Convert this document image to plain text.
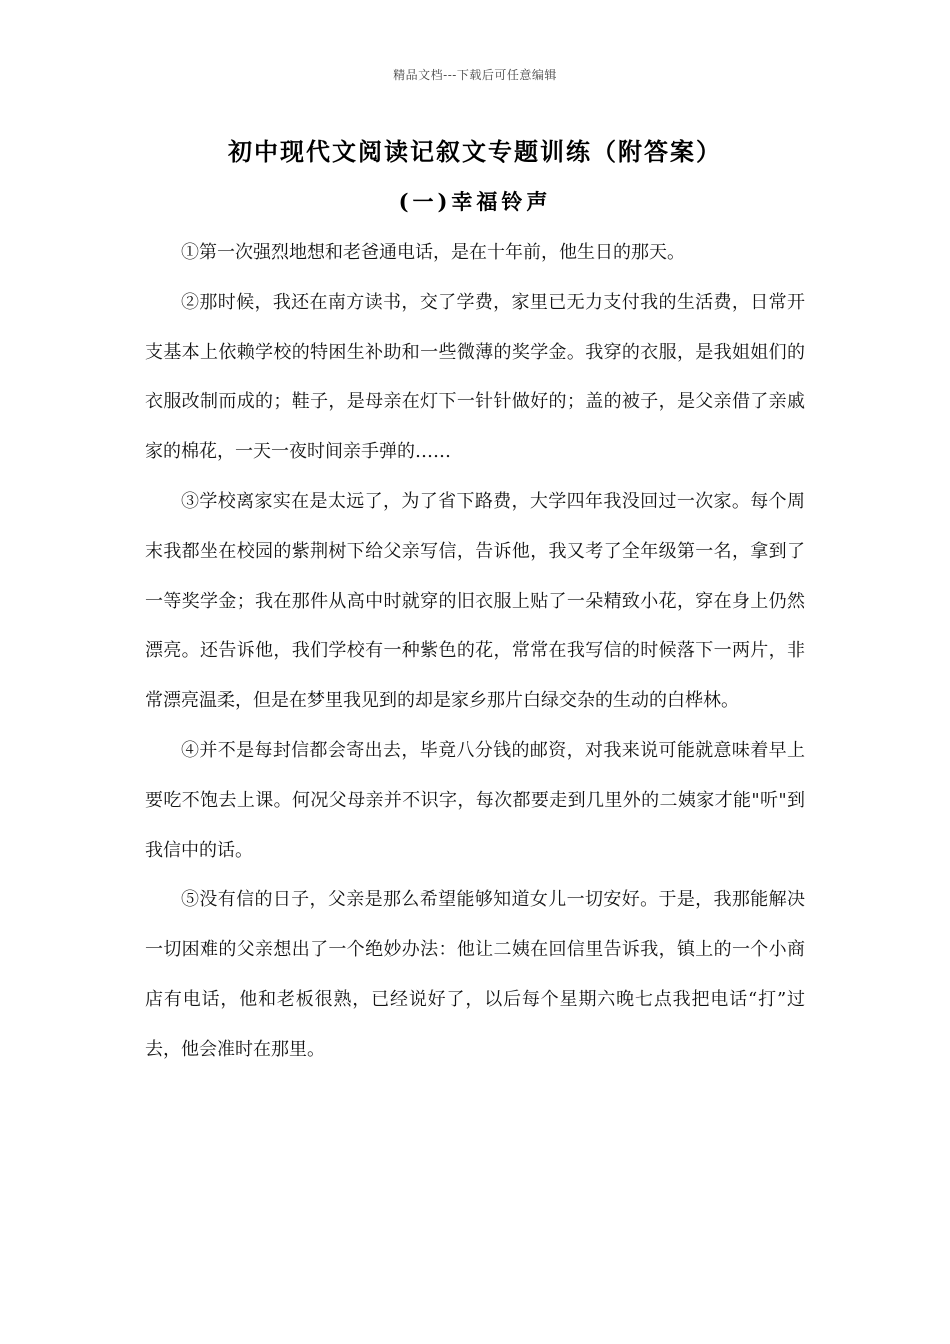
精品文档---下载后可任意编辑
初中现代文阅读记叙文专题训练（附答案）
(一)幸福铃声

①第一次强烈地想和老爸通电话，是在十年前，他生日的那天。

②那时候，我还在南方读书，交了学费，家里已无力支付我的生活费，日常开支基本上依赖学校的特困生补助和一些微薄的奖学金。我穿的衣服，是我姐姐们的衣服改制而成的；鞋子，是母亲在灯下一针针做好的；盖的被子，是父亲借了亲戚家的棉花，一天一夜时间亲手弹的……

③学校离家实在是太远了，为了省下路费，大学四年我没回过一次家。每个周末我都坐在校园的紫荆树下给父亲写信，告诉他，我又考了全年级第一名，拿到了一等奖学金；我在那件从高中时就穿的旧衣服上贴了一朵精致小花，穿在身上仍然漂亮。还告诉他，我们学校有一种紫色的花，常常在我写信的时候落下一两片，非常漂亮温柔，但是在梦里我见到的却是家乡那片白绿交杂的生动的白桦林。

④并不是每封信都会寄出去，毕竟八分钱的邮资，对我来说可能就意味着早上要吃不饱去上课。何况父母亲并不识字，每次都要走到几里外的二姨家才能"听"到我信中的话。

⑤没有信的日子，父亲是那么希望能够知道女儿一切安好。于是，我那能解决一切困难的父亲想出了一个绝妙办法：他让二姨在回信里告诉我，镇上的一个小商店有电话，他和老板很熟，已经说好了，以后每个星期六晚七点我把电话“打”过去，他会准时在那里。
